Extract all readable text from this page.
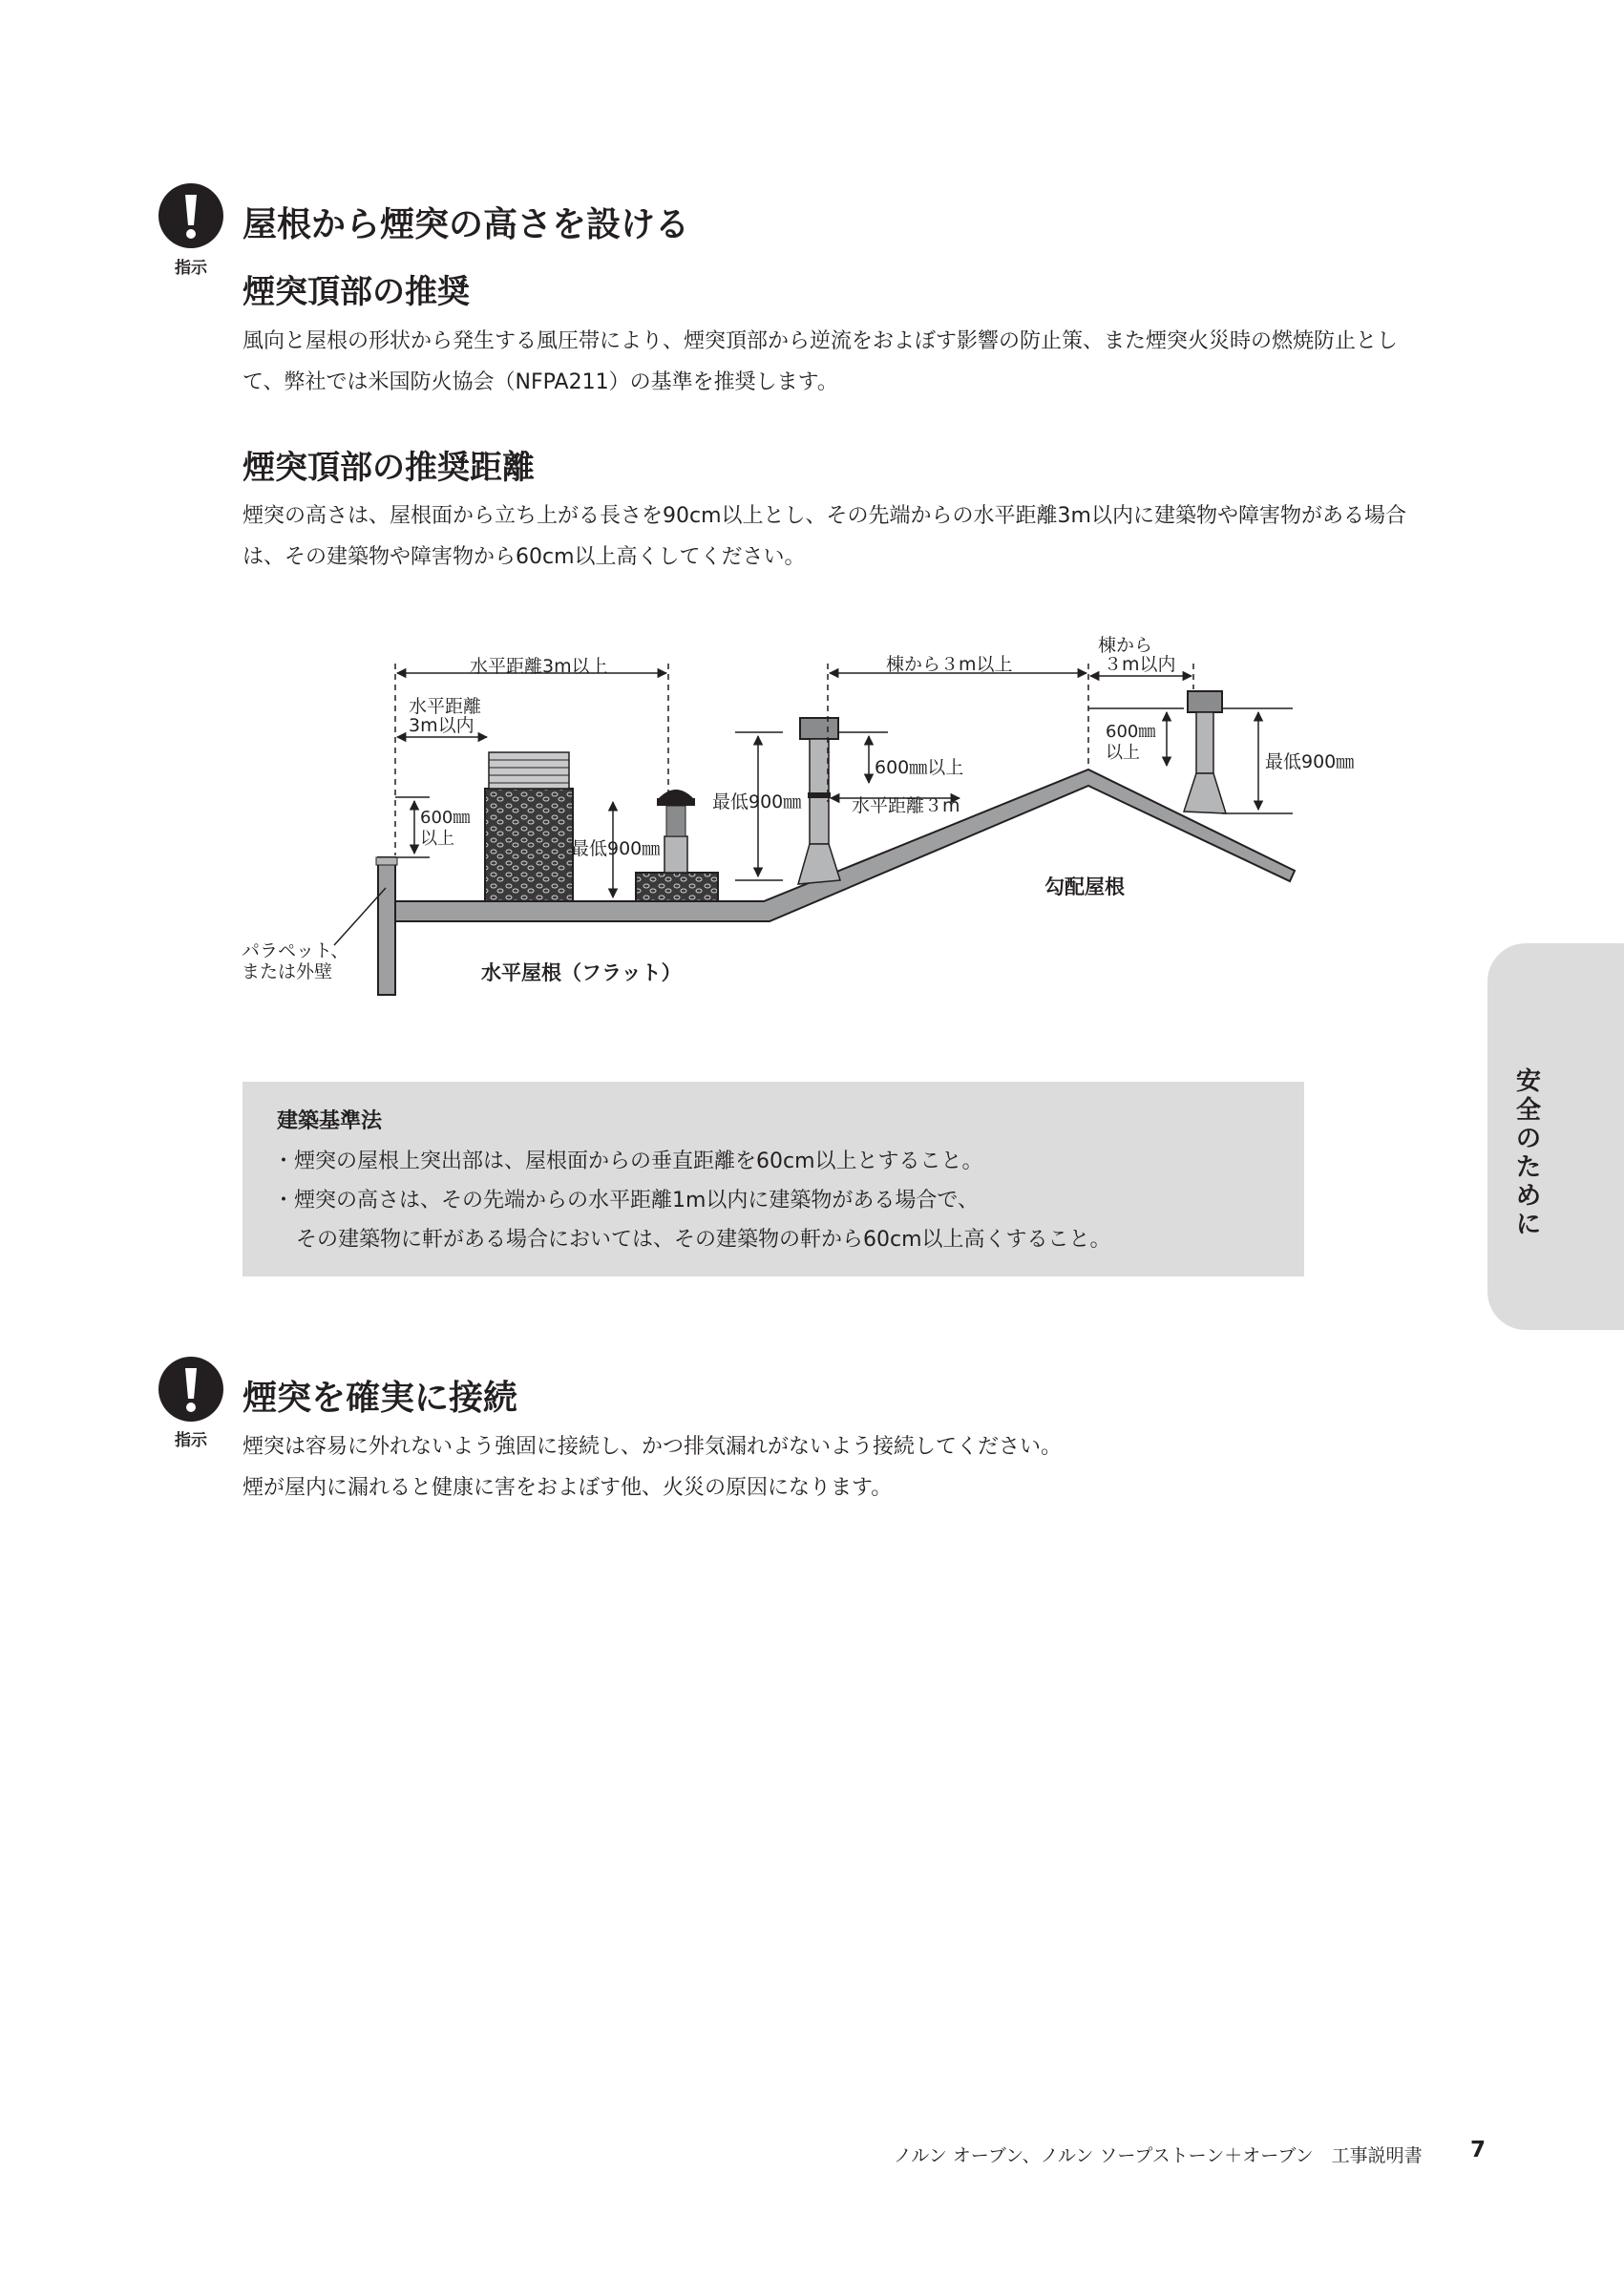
指示
屋根から煙突の高さを設ける
煙突頂部の推奨
風向と屋根の形状から発生する風圧帯により、煙突頂部から逆流をおよぼす影響の防止策、また煙突火災時の燃焼防止とし
て、弊社では米国防火協会（NFPA211）の基準を推奨します。
煙突頂部の推奨距離
煙突の高さは、屋根面から立ち上がる長さを90cm以上とし、その先端からの水平距離3m以内に建築物や障害物がある場合
は、その建築物や障害物から60cm以上高くしてください。
水平距離3m以上
水平距離
3m以内
600㎜
以上	最低900㎜
棟から３m以上
最低900㎜
600㎜以上
水平距離３m
棟から
３m以内
600㎜
以上	最低900㎜
勾配屋根
パラペット、
または外壁	水平屋根（フラット）
建築基準法
・煙突の屋根上突出部は、屋根面からの垂直距離を60cm以上とすること。
・煙突の高さは、その先端からの水平距離1m以内に建築物がある場合で、
その建築物に軒がある場合においては、その建築物の軒から60cm以上高くすること。
安全のために
指示
煙突を確実に接続
煙突は容易に外れないよう強固に接続し、かつ排気漏れがないよう接続してください。
煙が屋内に漏れると健康に害をおよぼす他、火災の原因になります。
ノルン オーブン、ノルン ソープストーン＋オーブン　工事説明書 7
